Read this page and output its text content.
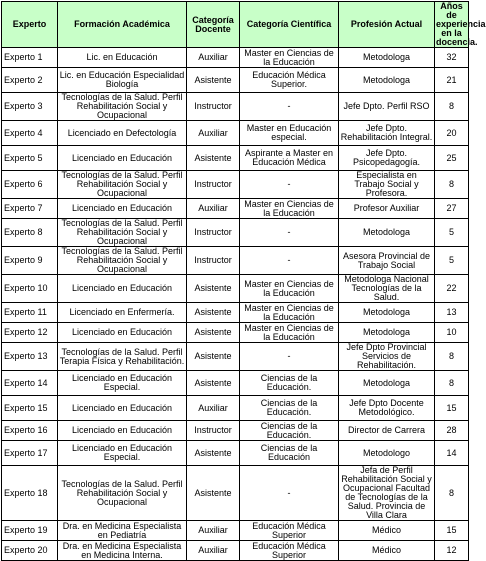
Experto	Formación Académica	Categoría Docente	Categoría Científica	Profesión Actual	Años de experiencia en la docencia.
Experto 1	Lic. en Educación	Auxiliar	Master en Ciencias de la Educación	Metodologa	32
Experto 2	Lic. en Educación Especialidad Biología	Asistente	Educación Médica Superior.	Metodologa	21
Experto 3	Tecnologías de la Salud. Perfil Rehabilitación Social y Ocupacional	Instructor	-	Jefe Dpto. Perfil RSO	8
Experto 4	Licenciado en Defectología	Auxiliar	Master en Educación especial.	Jefe Dpto. Rehabilitación Integral.	20
Experto 5	Licenciado en Educación	Asistente	Aspirante a Master en Educación Médica	Jefe Dpto. Psicopedagogía.	25
Experto 6	Tecnologías de la Salud. Perfil Rehabilitación Social y Ocupacional	Instructor	-	Especialista en Trabajo Social y Profesora.	8
Experto 7	Licenciado en Educación	Auxiliar	Master en Ciencias de la Educación	Profesor Auxiliar	27
Experto 8	Tecnologías de la Salud. Perfil Rehabilitación Social y Ocupacional	Instructor	-	Metodologa	5
Experto 9	Tecnologías de la Salud. Perfil Rehabilitación Social y Ocupacional	Instructor	-	Asesora Provincial de Trabajo Social	5
Experto 10	Licenciado en Educación	Asistente	Master en Ciencias de la Educación	Metodologa Nacional Tecnologías de la Salud.	22
Experto 11	Licenciado en Enfermería.	Asistente	Master en Ciencias de la Educación	Metodologa	13
Experto 12	Licenciado en Educación	Asistente	Master en Ciencias de la Educación	Metodologa	10
Experto 13	Tecnologías de la Salud. Perfil Terapia Física y Rehabilitación.	Asistente	-	Jefe Dpto Provincial Servicios de Rehabilitación.	8
Experto 14	Licenciado en Educación Especial.	Asistente	Ciencias de la Educación.	Metodologa	8
Experto 15	Licenciado en Educación	Auxiliar	Ciencias de la Educación.	Jefe Dpto Docente Metodológico.	15
Experto 16	Licenciado en Educación	Instructor	Ciencias de la Educación.	Director de Carrera	28
Experto 17	Licenciado en Educación Especial.	Asistente	Ciencias de la Educación	Metodologo	14
Experto 18	Tecnologías de la Salud. Perfil Rehabilitación Social y Ocupacional	Asistente	-	Jefa de Perfil Rehabilitación Social y Ocupacional Facultad de Tecnologías de la Salud. Provincia de Villa Clara	8
Experto 19	Dra. en Medicina Especialista en Pediatría	Auxiliar	Educación Médica Superior	Médico	15
Experto 20	Dra. en Medicina Especialista en Medicina Interna.	Auxiliar	Educación Médica Superior	Médico	12
